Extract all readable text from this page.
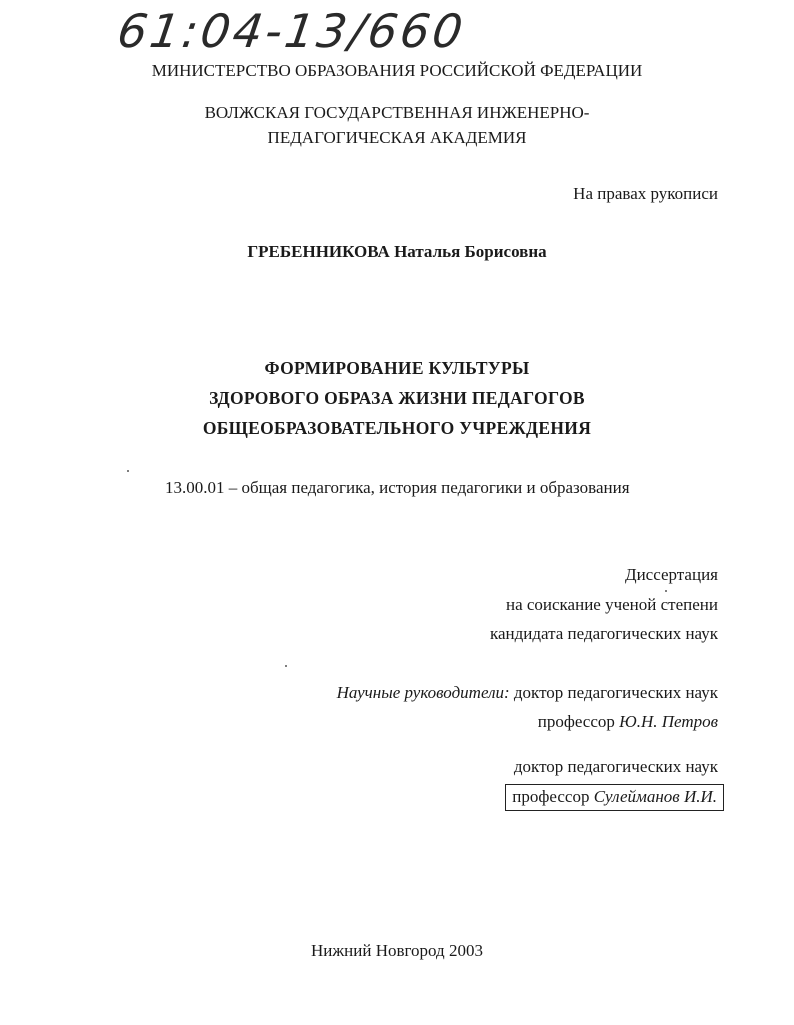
61:04-13/660
МИНИСТЕРСТВО ОБРАЗОВАНИЯ РОССИЙСКОЙ ФЕДЕРАЦИИ
ВОЛЖСКАЯ ГОСУДАРСТВЕННАЯ ИНЖЕНЕРНО-
ПЕДАГОГИЧЕСКАЯ АКАДЕМИЯ
На правах рукописи
ГРЕБЕННИКОВА Наталья Борисовна
ФОРМИРОВАНИЕ КУЛЬТУРЫ
ЗДОРОВОГО ОБРАЗА ЖИЗНИ ПЕДАГОГОВ
ОБЩЕОБРАЗОВАТЕЛЬНОГО УЧРЕЖДЕНИЯ
13.00.01 – общая педагогика, история педагогики и образования
Диссертация
на соискание ученой степени
кандидата педагогических наук
Научные руководители: доктор педагогических наук
профессор Ю.Н. Петров
доктор педагогических наук
профессор Сулейманов И.И.
Нижний Новгород 2003
